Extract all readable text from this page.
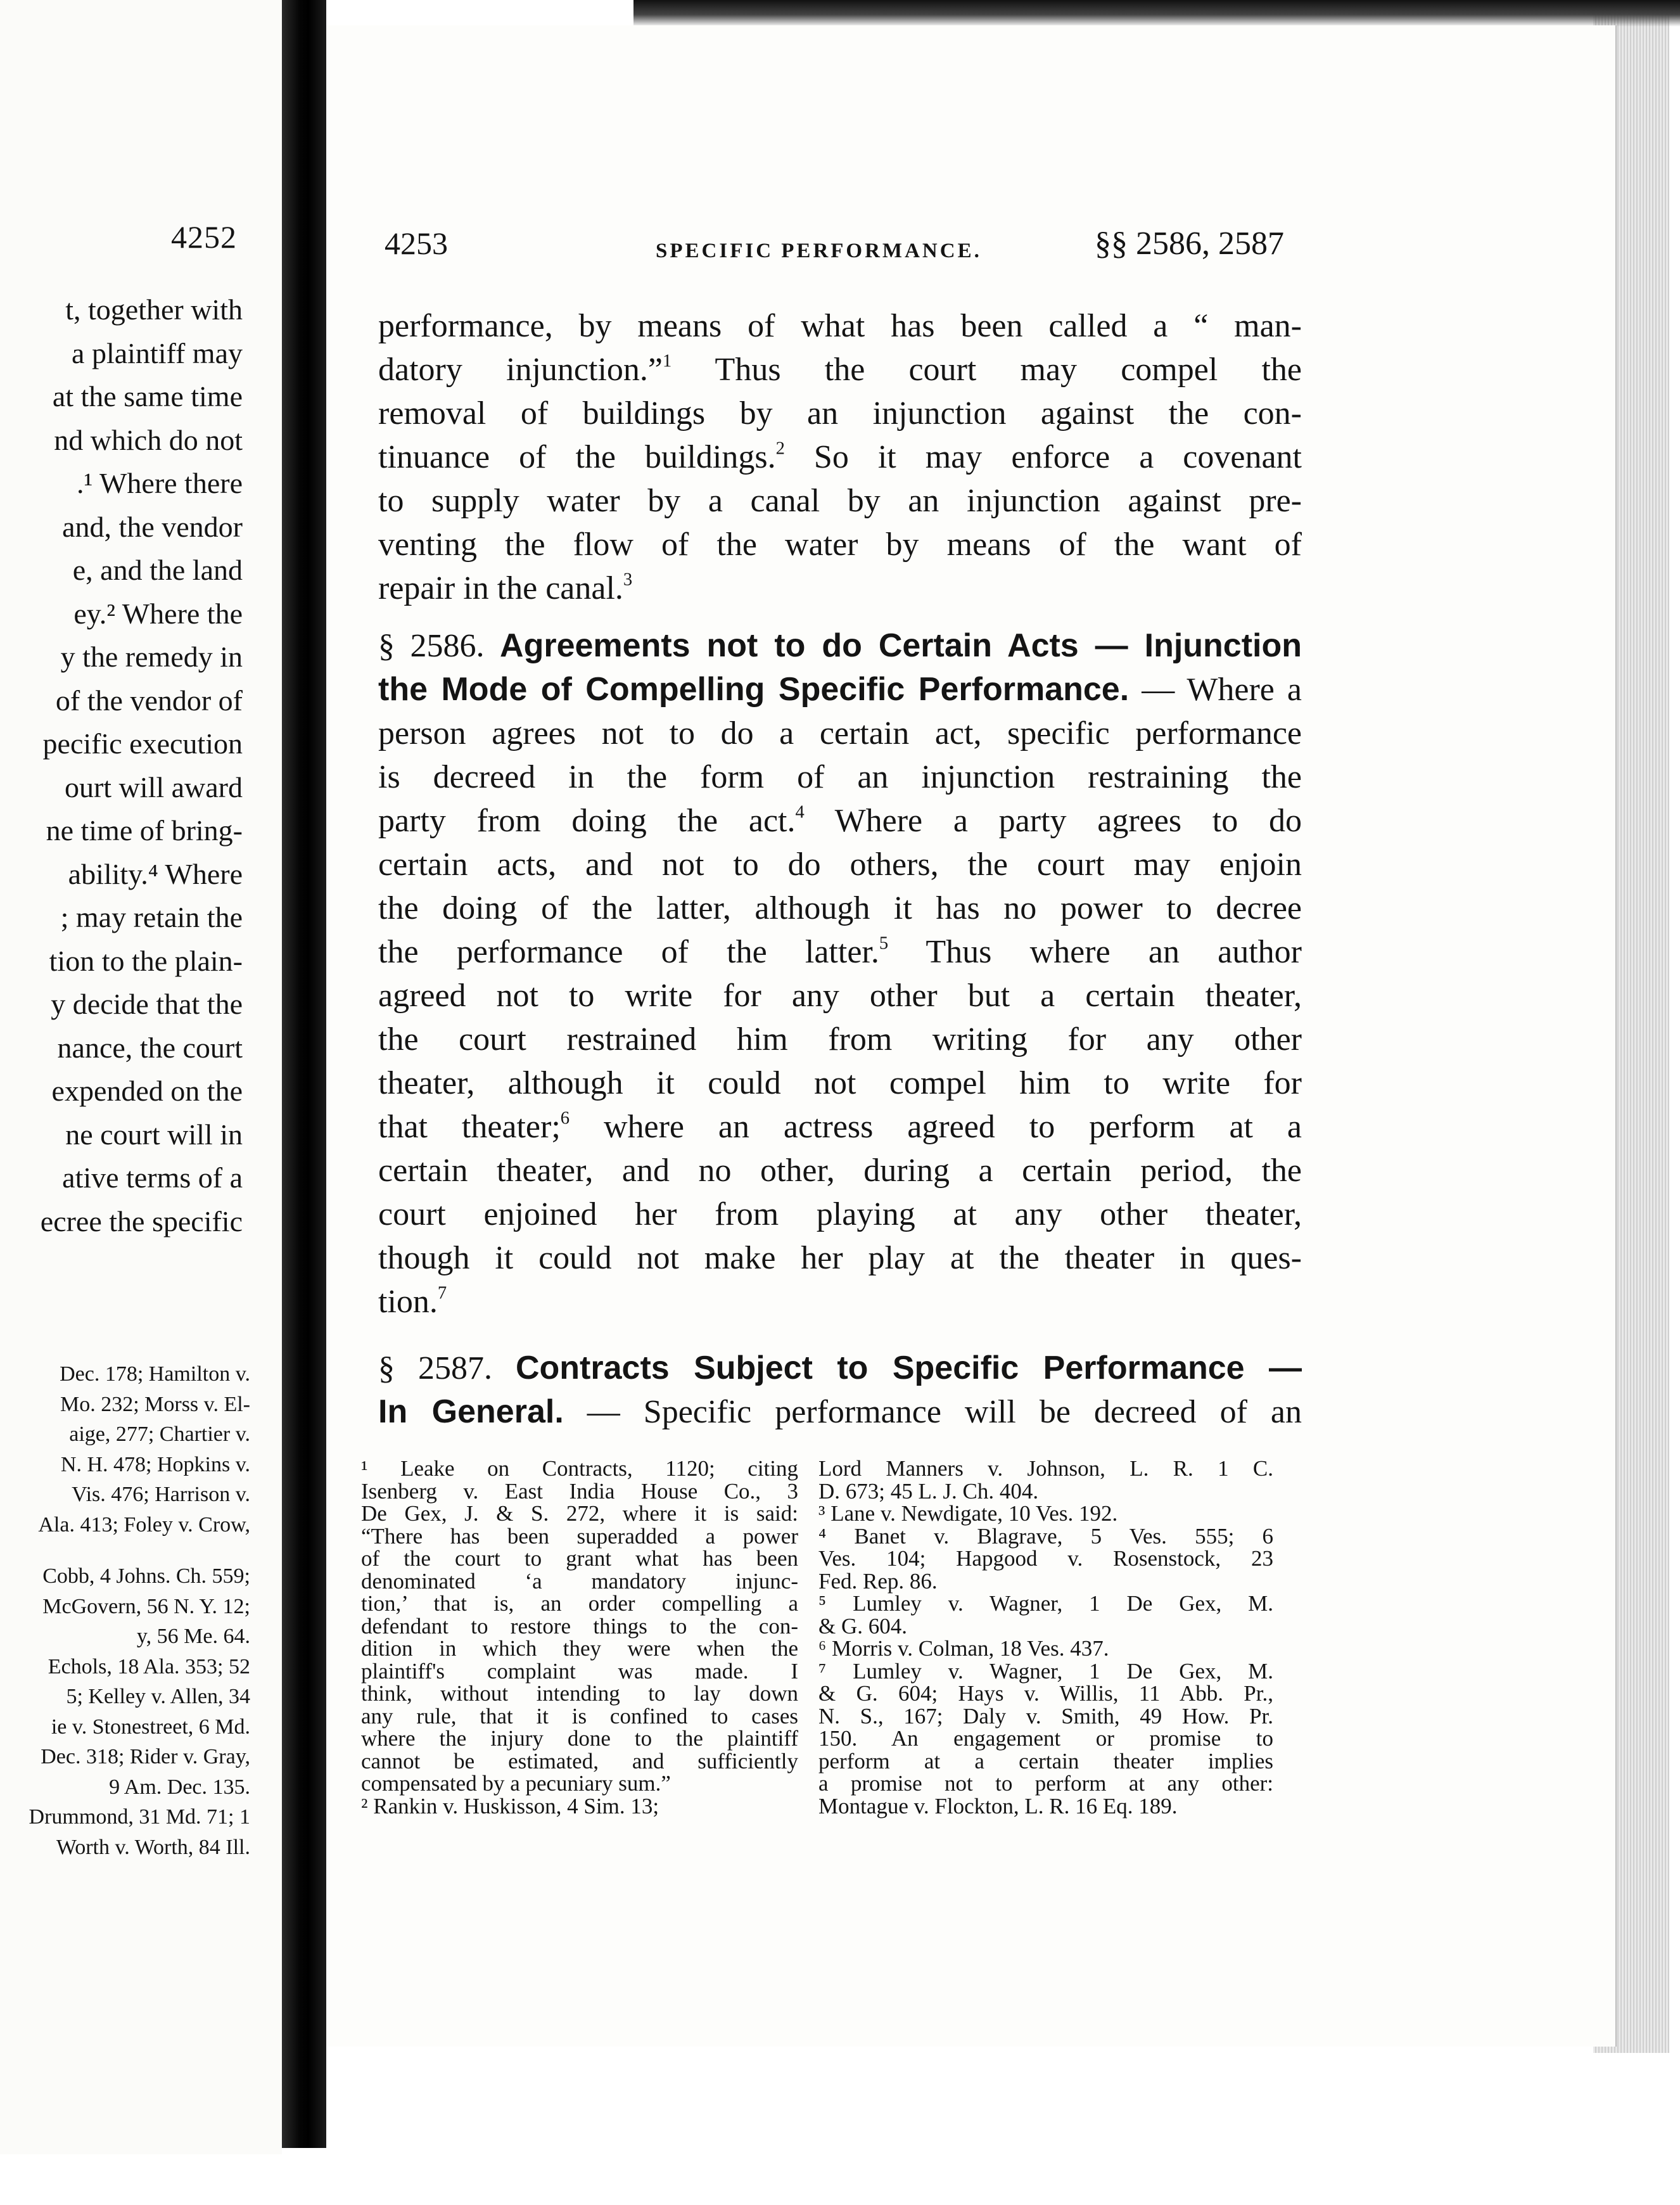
4252
t, together with
a plaintiff may
at the same time
nd which do not
.¹ Where there
and, the vendor
e, and the land
ey.² Where the
y the remedy in
of the vendor of
pecific execution
ourt will award
ne time of bring-
ability.⁴ Where
; may retain the
tion to the plain-
y decide that the
nance, the court
expended on the
ne court will in
ative terms of a
ecree the specific
Dec. 178; Hamilton v.
Mo. 232; Morss v. El-
aige, 277; Chartier v.
N. H. 478; Hopkins v.
Vis. 476; Harrison v.
Ala. 413; Foley v. Crow,
Cobb, 4 Johns. Ch. 559;
McGovern, 56 N. Y. 12;
y, 56 Me. 64.
Echols, 18 Ala. 353; 52
5; Kelley v. Allen, 34
ie v. Stonestreet, 6 Md.
Dec. 318; Rider v. Gray,
9 Am. Dec. 135.
Drummond, 31 Md. 71; 1
Worth v. Worth, 84 Ill.
4253	SPECIFIC PERFORMANCE.	§§ 2586, 2587
performance, by means of what has been called a “ man-
datory injunction.”$^1$ Thus the court may compel the
removal of buildings by an injunction against the con-
tinuance of the buildings.$^2$ So it may enforce a covenant
to supply water by a canal by an injunction against pre-
venting the flow of the water by means of the want of
repair in the canal.$^3$
§ 2586. Agreements not to do Certain Acts — Injunction
the Mode of Compelling Specific Performance. — Where a
person agrees not to do a certain act, specific performance
is decreed in the form of an injunction restraining the
party from doing the act.$^4$ Where a party agrees to do
certain acts, and not to do others, the court may enjoin
the doing of the latter, although it has no power to decree
the performance of the latter.$^5$ Thus where an author
agreed not to write for any other but a certain theater,
the court restrained him from writing for any other
theater, although it could not compel him to write for
that theater;$^6$ where an actress agreed to perform at a
certain theater, and no other, during a certain period, the
court enjoined her from playing at any other theater,
though it could not make her play at the theater in ques-
tion.$^7$
§ 2587. Contracts Subject to Specific Performance —
In General. — Specific performance will be decreed of an
¹ Leake on Contracts, 1120; citing
Isenberg v. East India House Co., 3
De Gex, J. & S. 272, where it is said:
“There has been superadded a power
of the court to grant what has been
denominated ‘a mandatory injunc-
tion,’ that is, an order compelling a
defendant to restore things to the con-
dition in which they were when the
plaintiff's complaint was made. I
think, without intending to lay down
any rule, that it is confined to cases
where the injury done to the plaintiff
cannot be estimated, and sufficiently
compensated by a pecuniary sum.”
² Rankin v. Huskisson, 4 Sim. 13;
Lord Manners v. Johnson, L. R. 1 C.
D. 673; 45 L. J. Ch. 404.
³ Lane v. Newdigate, 10 Ves. 192.
⁴ Banet v. Blagrave, 5 Ves. 555; 6
Ves. 104; Hapgood v. Rosenstock, 23
Fed. Rep. 86.
⁵ Lumley v. Wagner, 1 De Gex, M.
& G. 604.
⁶ Morris v. Colman, 18 Ves. 437.
⁷ Lumley v. Wagner, 1 De Gex, M.
& G. 604; Hays v. Willis, 11 Abb. Pr.,
N. S., 167; Daly v. Smith, 49 How. Pr.
150. An engagement or promise to
perform at a certain theater implies
a promise not to perform at any other:
Montague v. Flockton, L. R. 16 Eq. 189.
